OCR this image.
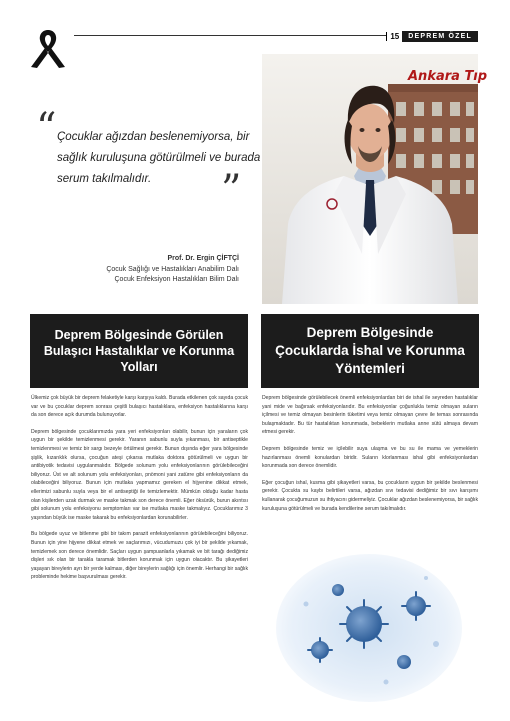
15	DEPREM ÖZEL
“ Çocuklar ağızdan beslenemiyorsa, bir sağlık kuruluşuna götürülmeli ve burada serum takılmalıdır.	”
Prof. Dr. Ergin ÇİFTÇİ
Çocuk Sağlığı ve Hastalıkları Anabilim Dalı
Çocuk Enfeksiyon Hastalıkları Bilim Dalı
Ankara Tıp
Deprem Bölgesinde Görülen Bulaşıcı Hastalıklar ve Korunma Yolları
Deprem Bölgesinde Çocuklarda İshal ve Korunma Yöntemleri

Ülkemiz çok büyük bir deprem felaketiyle karşı karşıya kaldı. Burada etkilenen çok sayıda çocuk var ve bu çocuklar deprem sonrası çeşitli bulaşıcı hastalıklara, enfeksiyon hastalıklarına karşı da son derece açık durumda bulunuyorlar.

Deprem bölgesinde çocuklarımızda yara yeri enfeksiyonları olabilir, bunun için yaraların çok uygun bir şekilde temizlenmesi gerekir. Yaranın sabunlu suyla yıkanması, bir antiseptikle temizlenmesi ve temiz bir sargı bezeyle örtülmesi gerekir. Bunun dışında eğer yara bölgesinde şişlik, kızarıklık olursa, çocuğun ateşi çıkarsa mutlaka doktora götürülmeli ve uygun bir antibiyotik tedavisi uygulanmalıdır. Bölgede solunum yolu enfeksiyonlarının görülebileceğini biliyoruz. Üst ve alt solunum yolu enfeksiyonları, pnömoni yani zatürre gibi enfeksiyonların da olabileceğini biliyoruz. Bunun için mutlaka yapmamız gereken el hijyenine dikkat etmek, ellerimizi sabunlu suyla veya bir el antiseptiği ile temizlemektir. Mümkün olduğu kadar hasta olan kişilerden uzak durmak ve maske takmak son derece önemli. Eğer öksürük, burun akıntısı gibi solunum yolu enfeksiyonu semptomları var ise mutlaka maske takmalıyız. Çocuklarımız 3 yaşından büyük ise maske takarak bu enfeksiyonlardan korunabilirler.

Bu bölgede uyuz ve bitlenme gibi bir takım parazit enfeksiyonlarının görülebileceğini biliyoruz. Bunun için yine hijyene dikkat etmek ve saçlarımızı, vücudumuzu çok iyi bir şekilde yıkamak, temizlemek son derece önemlidir. Saçları uygun şampuanlarla yıkamak ve bit tarağı dediğimiz dişleri sık olan bir tarakla taramak bitlerden korunmak için uygun olacaktır. Bu şikayetleri yaşayan bireylerin ayrı bir yerde kalması, diğer bireylerin sağlığı için önemlir. Herhangi bir sağlık probleminde hekime başvurulması gerekir.

Deprem bölgesinde görülebilecek önemli enfeksiyonlardan biri de ishal ile seyreden hastalıklar yani mide ve bağırsak enfeksiyonlarıdır. Bu enfeksiyonlar çoğunlukla temiz olmayan suların içilmesi ve temiz olmayan besinlerin tüketimi veya temiz olmayan çevre ile temas sonrasında bulaşmaktadır. Bu tür hastalıktan korunmada, bebeklerin mutlaka anne sütü almaya devam etmesi gerekir.

Deprem bölgesinde temiz ve içilebilir suya ulaşma ve bu su ile mama ve yemeklerin hazırlanması önemli konulardan biridir. Suların klorlanması ishal gibi enfeksiyonlardan korunmada son derece önemlidir.

Eğer çocuğun ishal, kusma gibi şikayetleri varsa, bu çocukların uygun bir şekilde beslenmesi gerekir. Çocukta su kaybı belirtileri varsa, ağızdan sıvı tedavisi dediğimiz bir sıvı karışımı kullanarak çocuğumuzun su ihtiyacını gidermeliyiz. Çocuklar ağızdan beslenemiyorsa, bir sağlık kuruluşuna götürülmeli ve burada kendilerine serum takılmalıdır.
